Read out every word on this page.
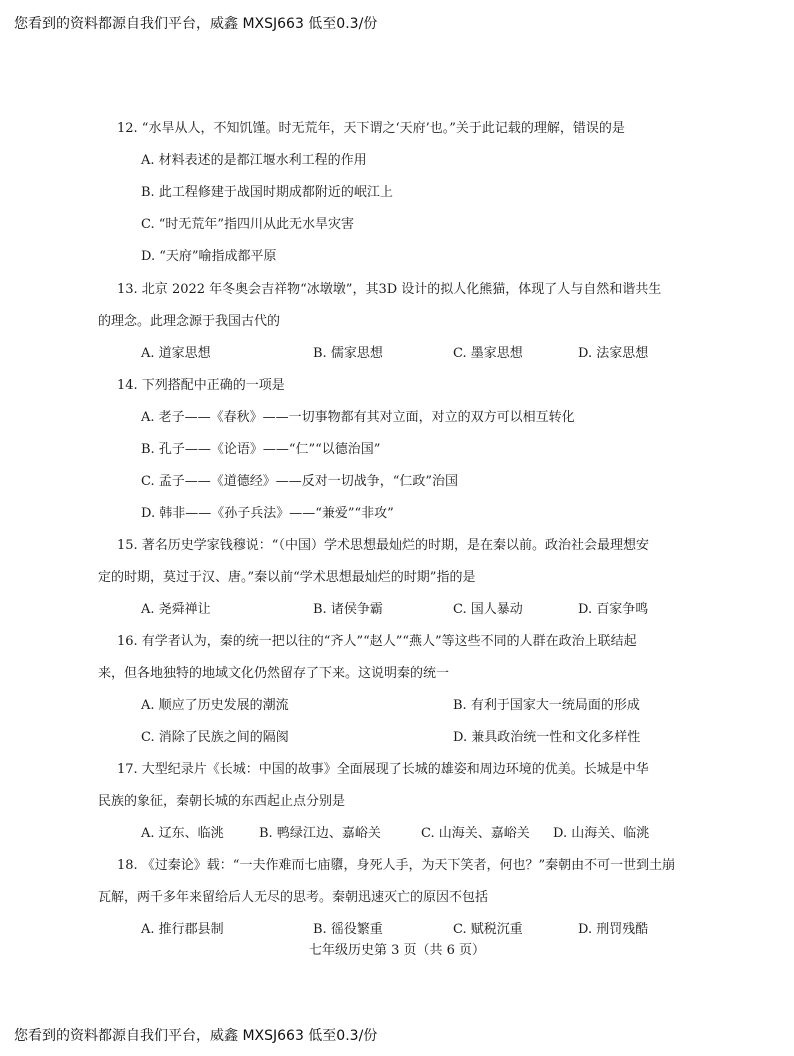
您看到的资料都源自我们平台，威鑫 MXSJ663 低至0.3/份
12. “水旱从人，不知饥馑。时无荒年，天下谓之‘天府’也。”关于此记载的理解，错误的是
A. 材料表述的是都江堰水利工程的作用
B. 此工程修建于战国时期成都附近的岷江上
C. “时无荒年”指四川从此无水旱灾害
D. “天府”喻指成都平原
13. 北京 2022 年冬奥会吉祥物“冰墩墩”，其3D 设计的拟人化熊猫，体现了人与自然和谐共生
的理念。此理念源于我国古代的
A. 道家思想	B. 儒家思想	C. 墨家思想	D. 法家思想
14. 下列搭配中正确的一项是
A. 老子——《春秋》——一切事物都有其对立面，对立的双方可以相互转化
B. 孔子——《论语》——“仁”“以德治国”
C. 孟子——《道德经》——反对一切战争，“仁政”治国
D. 韩非——《孙子兵法》——“兼爱”“非攻”
15. 著名历史学家钱穆说：“（中国）学术思想最灿烂的时期，是在秦以前。政治社会最理想安
定的时期，莫过于汉、唐。”秦以前“学术思想最灿烂的时期”指的是
A. 尧舜禅让	B. 诸侯争霸	C. 国人暴动	D. 百家争鸣
16. 有学者认为，秦的统一把以往的“齐人”“赵人”“燕人”等这些不同的人群在政治上联结起
来，但各地独特的地域文化仍然留存了下来。这说明秦的统一
A. 顺应了历史发展的潮流	B. 有利于国家大一统局面的形成
C. 消除了民族之间的隔阂	D. 兼具政治统一性和文化多样性
17. 大型纪录片《长城：中国的故事》全面展现了长城的雄姿和周边环境的优美。长城是中华
民族的象征，秦朝长城的东西起止点分别是
A. 辽东、临洮	B. 鸭绿江边、嘉峪关	C. 山海关、嘉峪关 D. 山海关、临洮
18. 《过秦论》载：“一夫作难而七庙隳，身死人手，为天下笑者，何也？”秦朝由不可一世到土崩
瓦解，两千多年来留给后人无尽的思考。秦朝迅速灭亡的原因不包括
A. 推行郡县制	B. 徭役繁重	C. 赋税沉重	D. 刑罚残酷
七年级历史第 3 页（共 6 页）
您看到的资料都源自我们平台，威鑫 MXSJ663 低至0.3/份
